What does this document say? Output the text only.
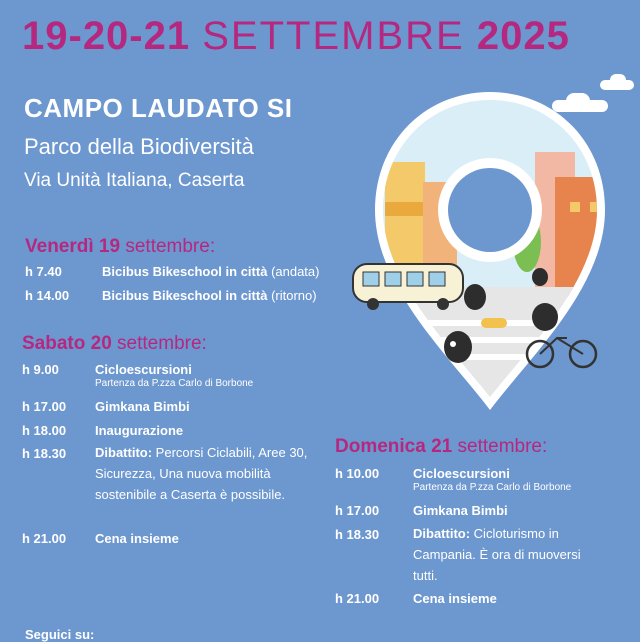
19-20-21 SETTEMBRE 2025
CAMPO LAUDATO SI
Parco della Biodiversità
Via Unità Italiana, Caserta
Venerdì 19 settembre:
h 7.40	Bicibus Bikeschool in città (andata)
h 14.00	Bicibus Bikeschool in città (ritorno)
Sabato 20 settembre:
h 9.00	Cicloescursioni
Partenza da P.zza Carlo di Borbone
h 17.00 Gimkana Bimbi
h 18.00 Inaugurazione
h 18.30 Dibattito: Percorsi Ciclabili, Aree 30, Sicurezza, Una nuova mobilità sostenibile a Caserta è possibile.
h 21.00 Cena insieme
Domenica 21 settembre:
h 10.00	Cicloescursioni
Partenza da P.zza Carlo di Borbone
h 17.00	Gimkana Bimbi
h 18.30	Dibattito: Cicloturismo in Campania. È ora di muoversi tutti.
h 21.00	Cena insieme
Seguici su:
